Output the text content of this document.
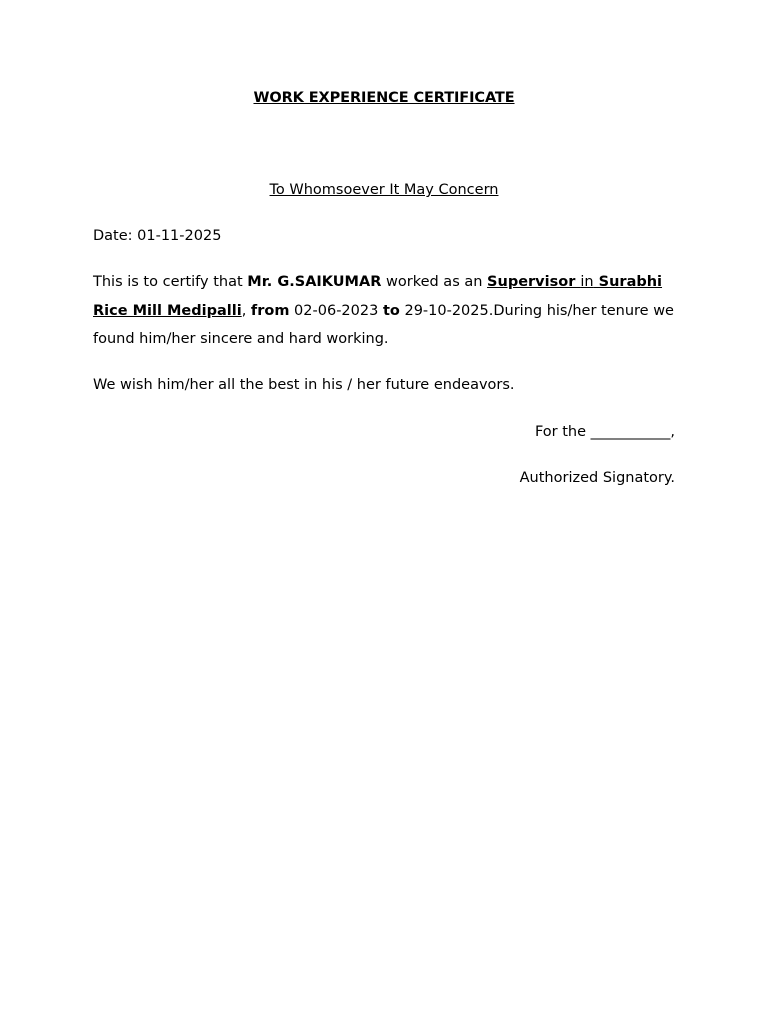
WORK EXPERIENCE CERTIFICATE
To Whomsoever It May Concern
Date: 01-11-2025
This is to certify that Mr. G.SAIKUMAR worked as an Supervisor in Surabhi Rice Mill Medipalli, from 02-06-2023 to 29-10-2025.During his/her tenure we found him/her sincere and hard working.
We wish him/her all the best in his / her future endeavors.
For the ___________,
Authorized Signatory.
